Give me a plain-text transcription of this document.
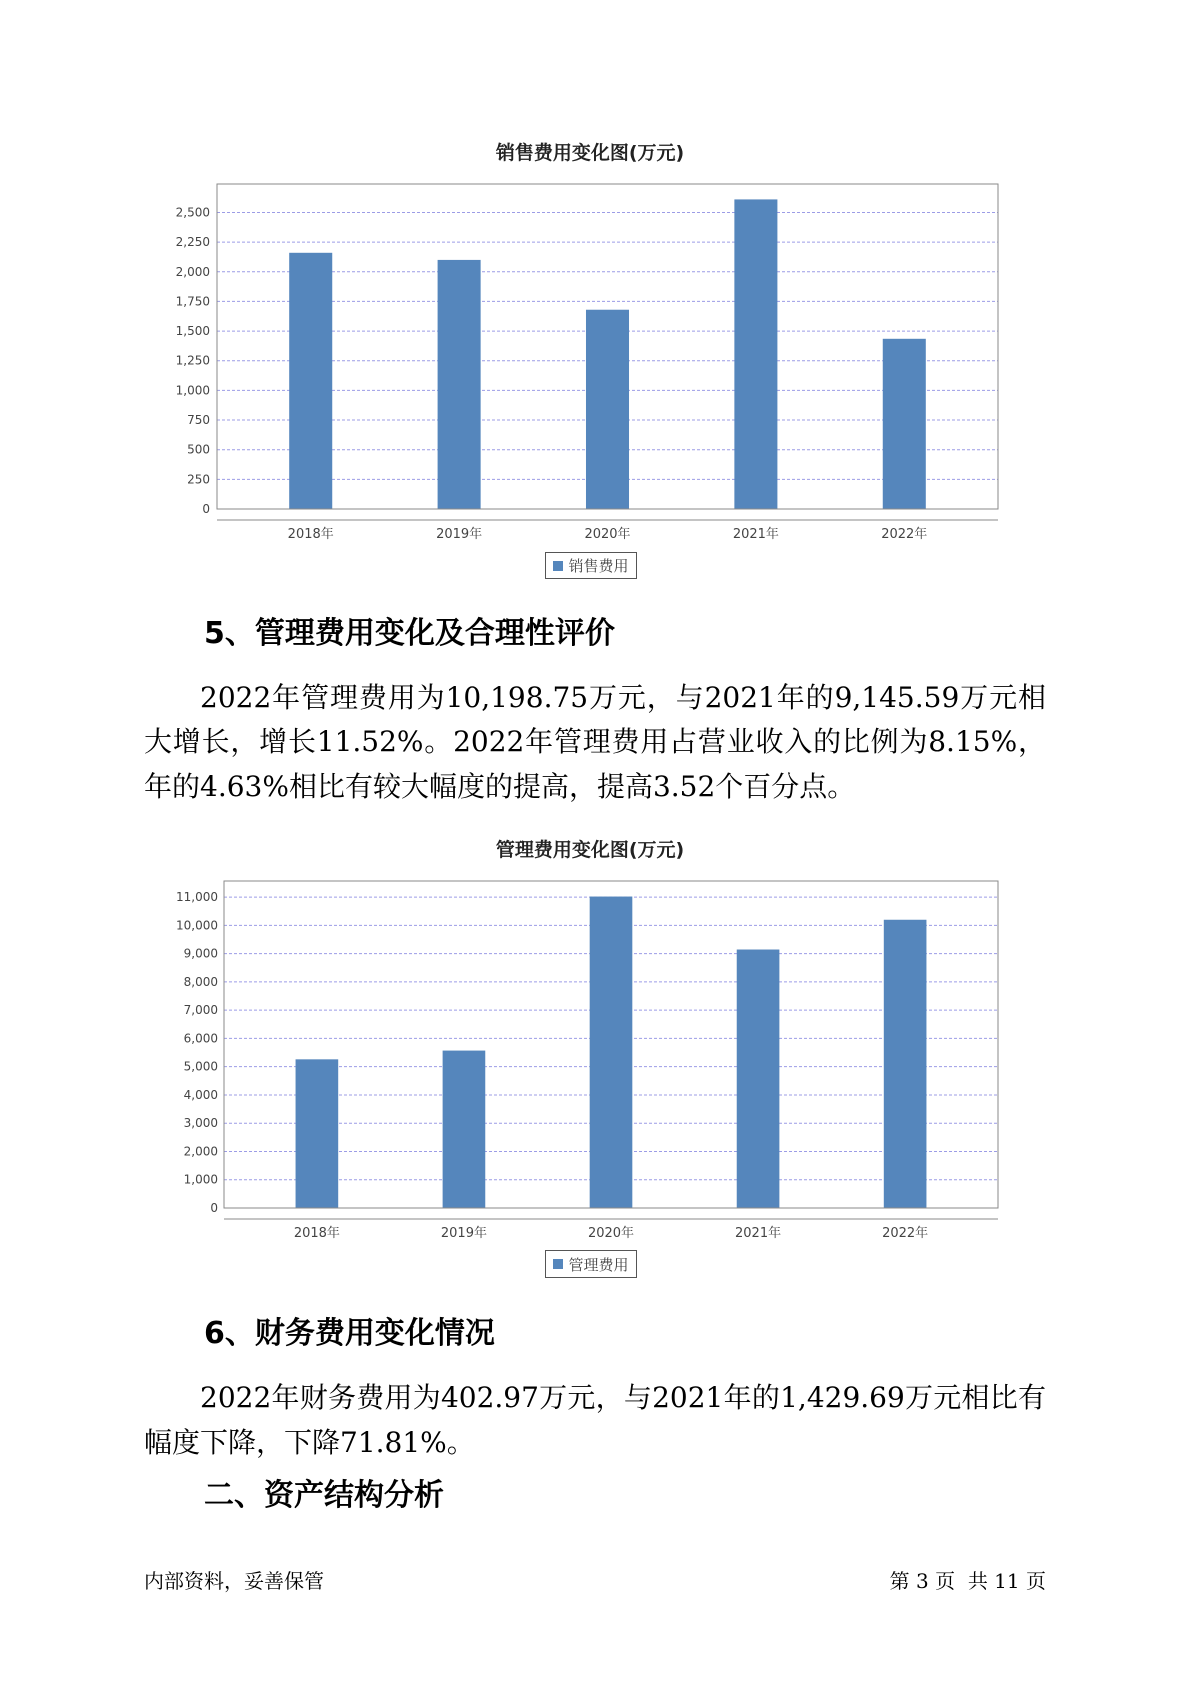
销售费用变化图(万元)
0
250
500
750
1,000
1,250
1,500
1,750
2,000
2,250
2,500
2018年	2019年	2020年	2021年	2022年
销售费用
5、管理费用变化及合理性评价
2022年管理费用为10,198.75万元，与2021年的9,145.59万元相
大增长，增长11.52%。2022年管理费用占营业收入的比例为8.15%，
年的4.63%相比有较大幅度的提高，提高3.52个百分点。
管理费用变化图(万元)
0
1,000
2,000
3,000
4,000
5,000
6,000
7,000
8,000
9,000
10,000
11,000
2018年	2019年	2020年	2021年	2022年
管理费用
6、财务费用变化情况
2022年财务费用为402.97万元，与2021年的1,429.69万元相比有
幅度下降，下降71.81%。
二、资产结构分析
内部资料，妥善保管	第 3 页  共 11 页
